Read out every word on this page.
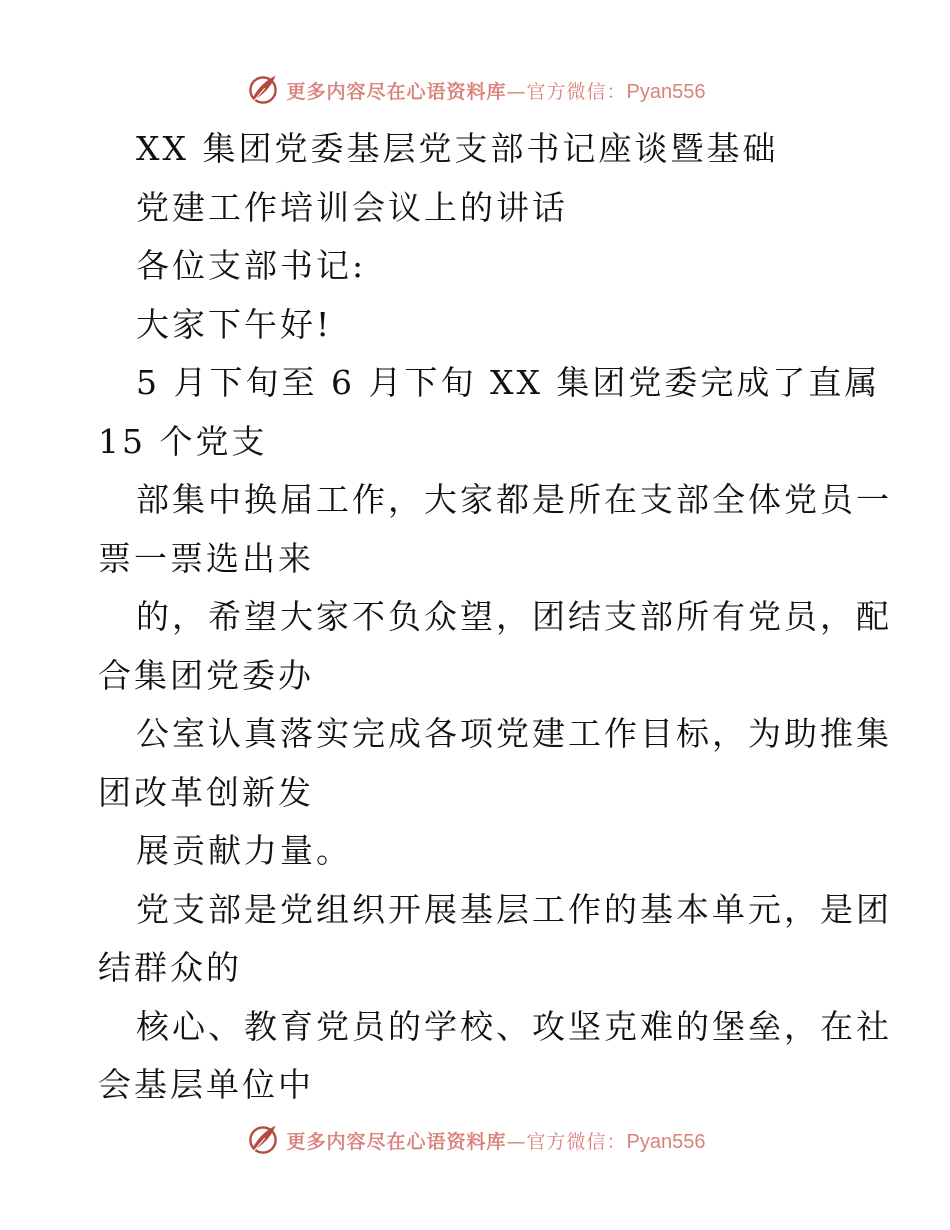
更多内容尽在心语资料库 — 官方微信： Pyan556
XX 集团党委基层党支部书记座谈暨基础
党建工作培训会议上的讲话
各位支部书记:
大家下午好!
5 月下旬至 6 月下旬 XX 集团党委完成了直属
15 个党支
部集中换届工作，大家都是所在支部全体党员一
票一票选出来
的，希望大家不负众望，团结支部所有党员，配
合集团党委办
公室认真落实完成各项党建工作目标，为助推集
团改革创新发
展贡献力量。
党支部是党组织开展基层工作的基本单元，是团
结群众的
核心、教育党员的学校、攻坚克难的堡垒，在社
会基层单位中
更多内容尽在心语资料库 — 官方微信： Pyan556
